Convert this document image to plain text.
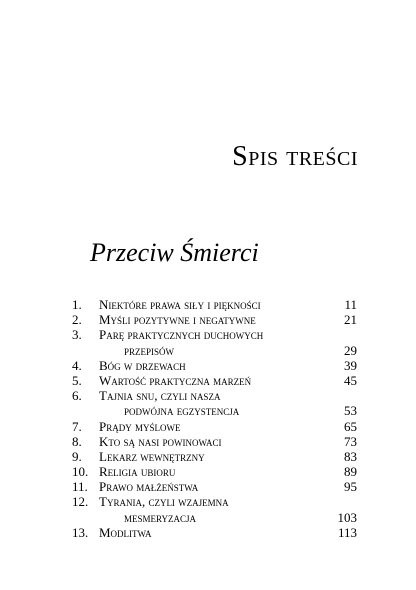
Spis treści
Przeciw Śmierci
1.	Niektóre prawa siły i piękności	11
2.	Myśli pozytywne i negatywne	21
3.	Parę praktycznych duchowych
przepisów	29
4.	Bóg w drzewach	39
5.	Wartość praktyczna marzeń	45
6.	Tajnia snu, czyli nasza
podwójna egzystencja	53
7.	Prądy myślowe	65
8.	Kto są nasi powinowaci	73
9.	Lekarz wewnętrzny	83
10. Religia ubioru	89
11. Prawo małżeństwa	95
12. Tyrania, czyli wzajemna
mesmeryzacja	103
13. Modlitwa	113
